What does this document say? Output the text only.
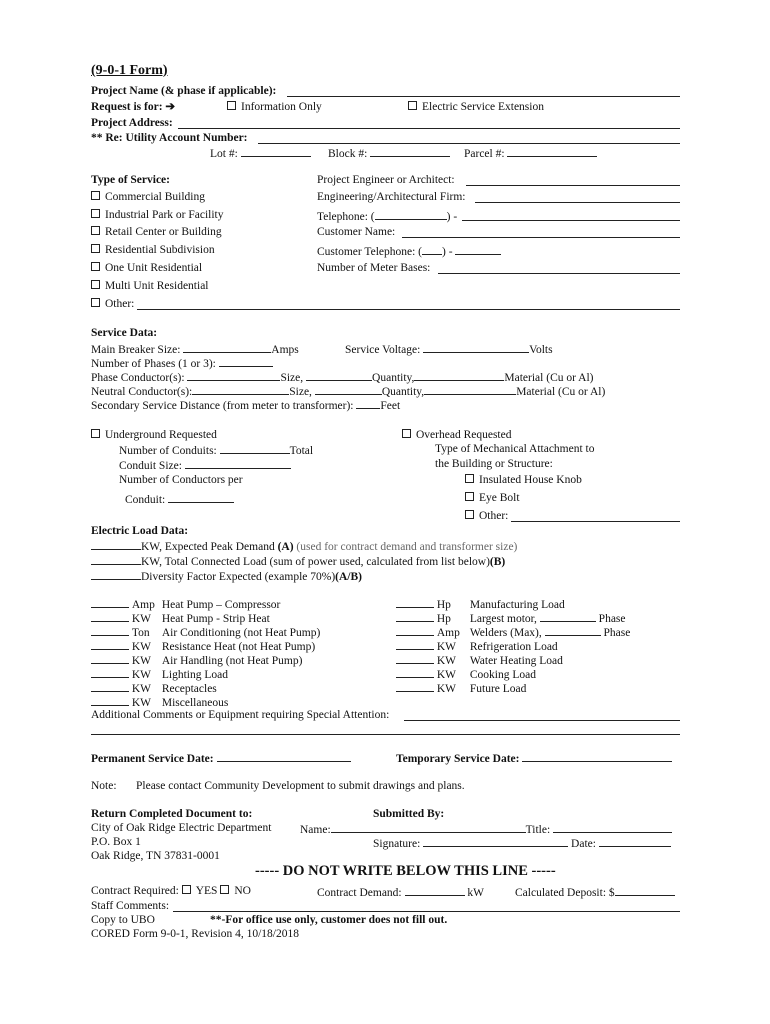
(9-0-1 Form)
Project Name (& phase if applicable):
Request is for: ➔	Information Only	Electric Service Extension
Project Address:
** Re: Utility Account Number:
Lot #:	Block #:	Parcel #:
Type of Service:
Commercial Building
Industrial Park or Facility
Retail Center or Building
Residential Subdivision
One Unit Residential
Multi Unit Residential
Other:
Project Engineer or Architect:
Engineering/Architectural Firm:
Telephone: (	) -
Customer Name:
Customer Telephone: ( ) -
Number of Meter Bases:
Service Data:
Main Breaker Size:	Amps	Service Voltage:	Volts
Number of Phases (1 or 3):
Phase Conductor(s):	Size,	Quantity,	Material (Cu or Al)
Neutral Conductor(s):	Size,	Quantity,	Material (Cu or Al)
Secondary Service Distance (from meter to transformer): Feet
Underground Requested
Number of Conduits:	Total
Conduit Size:
Number of Conductors per
Conduit:
Overhead Requested
Type of Mechanical Attachment to
the Building or Structure:
Insulated House Knob
Eye Bolt
Other:
Electric Load Data:
KW, Expected Peak Demand (A) (used for contract demand and transformer size)
KW, Total Connected Load (sum of power used, calculated from list below)(B)
Diversity Factor Expected (example 70%)(A/B)
Amp Heat Pump – Compressor
KW Heat Pump - Strip Heat
Ton Air Conditioning (not Heat Pump)
KW Resistance Heat (not Heat Pump)
KW Air Handling (not Heat Pump)
KW Lighting Load
KW Receptacles
KW Miscellaneous
Hp Manufacturing Load
Hp Largest motor,	Phase
Amp Welders (Max),	Phase
KW Refrigeration Load
KW Water Heating Load
KW Cooking Load
KW Future Load
Additional Comments or Equipment requiring Special Attention:
Permanent Service Date:	Temporary Service Date:
Note: Please contact Community Development to submit drawings and plans.
Return Completed Document to:
City of Oak Ridge Electric Department
P.O. Box 1
Oak Ridge, TN 37831-0001
Submitted By:
Name:	Title:
Signature:	Date:
----- DO NOT WRITE BELOW THIS LINE -----
Contract Required: YES NO	Contract Demand:	kW	Calculated Deposit: $
Staff Comments:
Copy to UBO	**-For office use only, customer does not fill out.
CORED Form 9-0-1, Revision 4, 10/18/2018
